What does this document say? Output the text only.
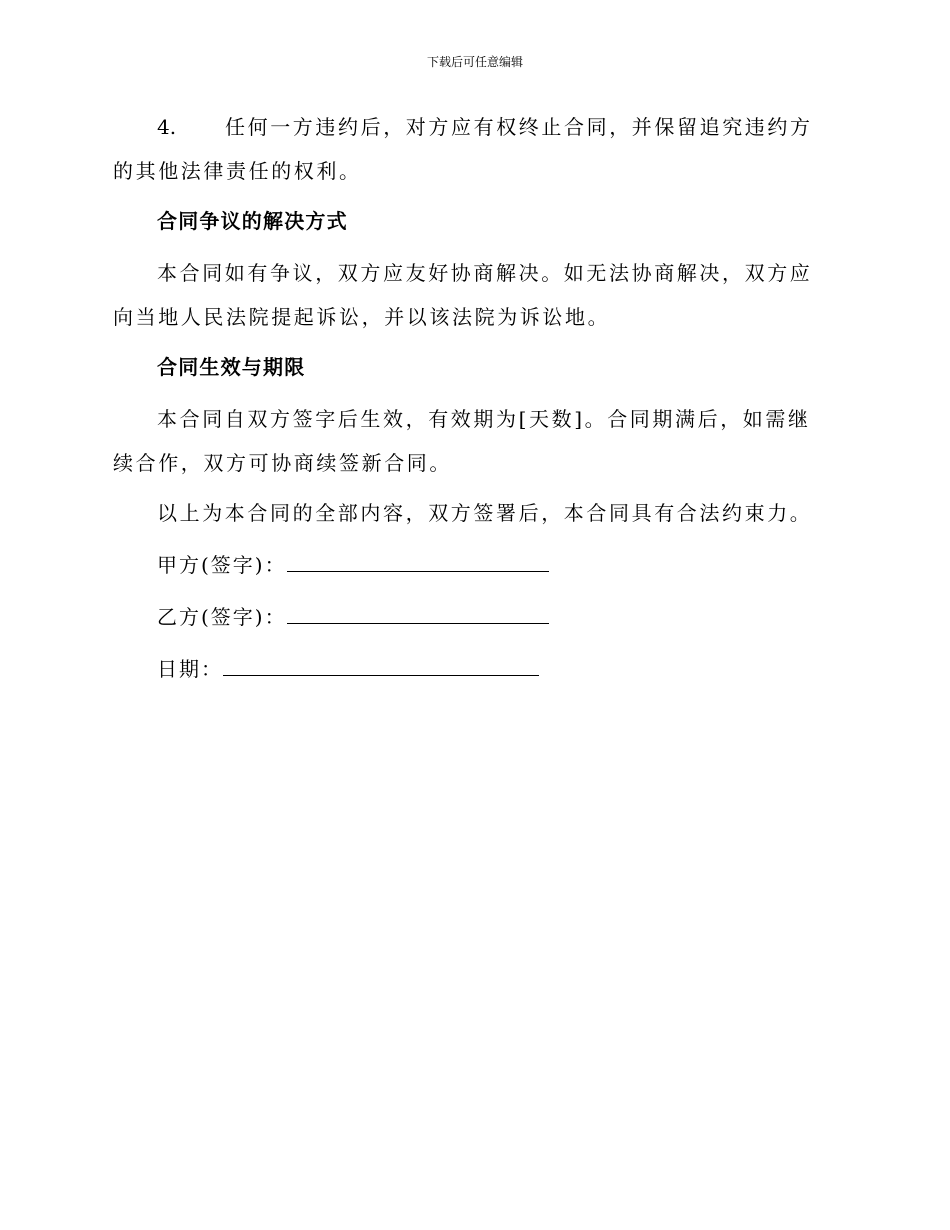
下载后可任意编辑

4. 任何一方违约后，对方应有权终止合同，并保留追究违约方的其他法律责任的权利。

合同争议的解决方式

本合同如有争议，双方应友好协商解决。如无法协商解决，双方应向当地人民法院提起诉讼，并以该法院为诉讼地。

合同生效与期限

本合同自双方签字后生效，有效期为[天数]。合同期满后，如需继续合作，双方可协商续签新合同。

以上为本合同的全部内容，双方签署后，本合同具有合法约束力。

甲方(签字)：
乙方(签字)：
日期：
